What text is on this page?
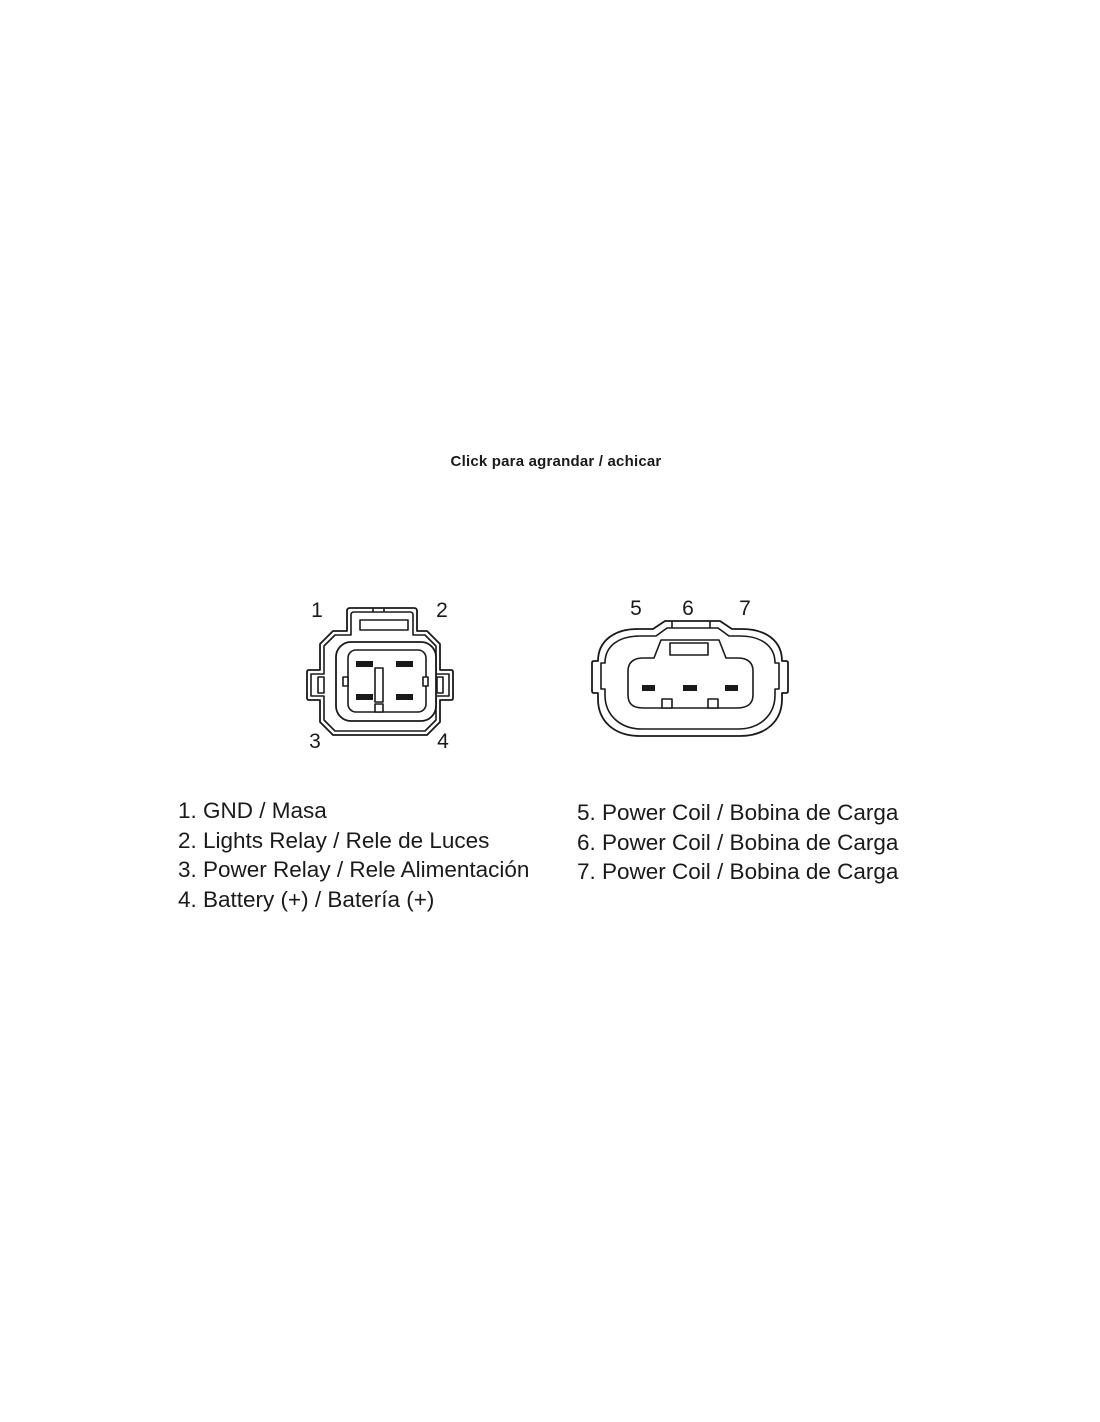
Click para agrandar / achicar
1	2
3	4
5 6 7
1. GND / Masa
2. Lights Relay / Rele de Luces
3. Power Relay / Rele Alimentación
4. Battery (+) / Batería (+)
5. Power Coil / Bobina de Carga
6. Power Coil / Bobina de Carga
7. Power Coil / Bobina de Carga
